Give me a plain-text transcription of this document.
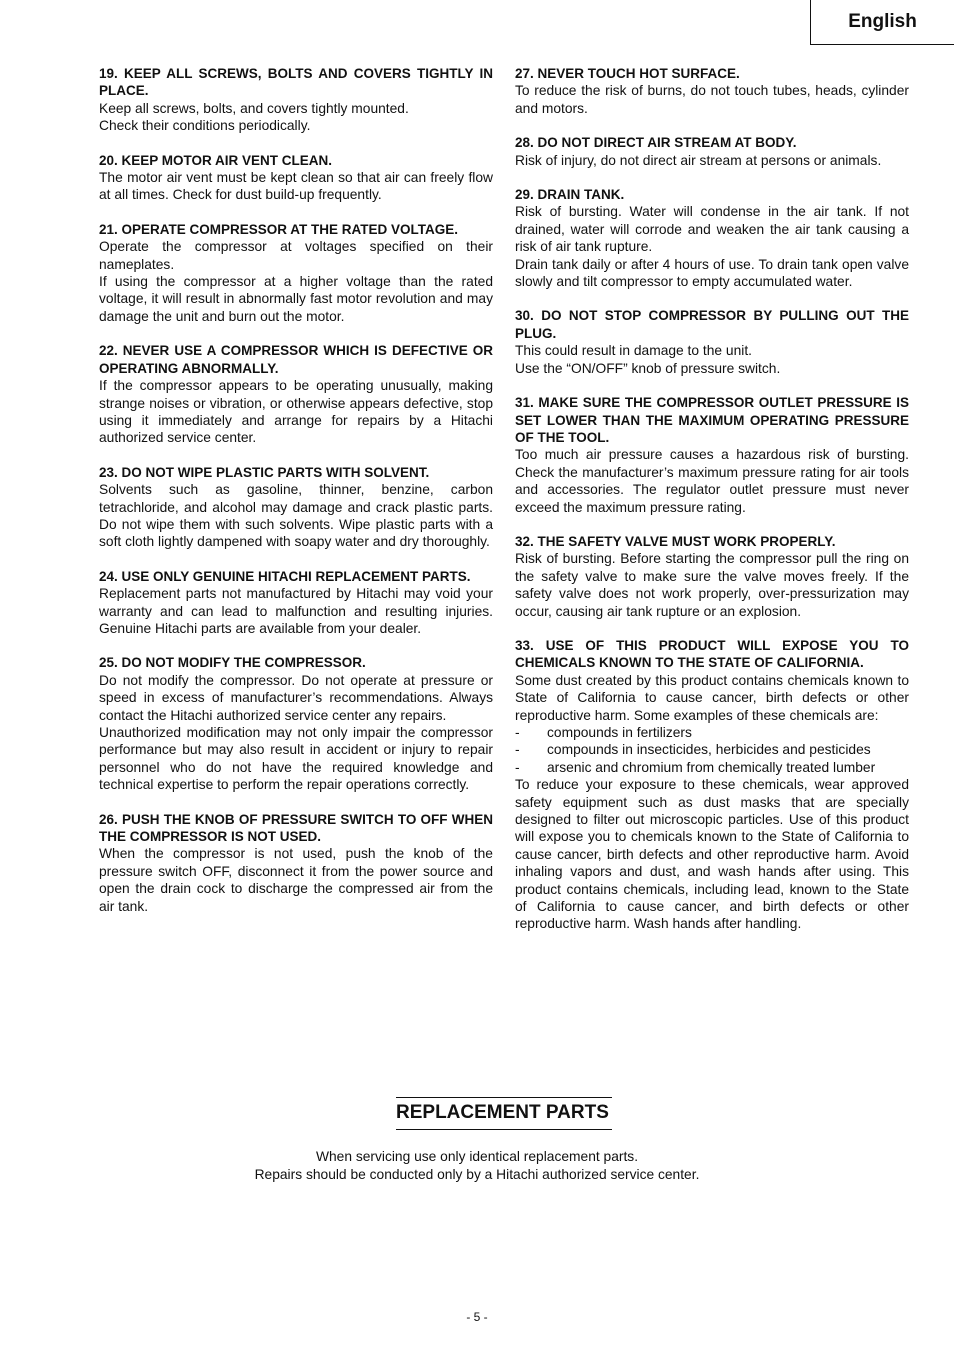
English
19. KEEP ALL SCREWS, BOLTS AND COVERS TIGHTLY IN PLACE.

Keep all screws, bolts, and covers tightly mounted.

Check their conditions periodically.

20. KEEP MOTOR AIR VENT CLEAN.

The motor air vent must be kept clean so that air can freely flow at all times. Check for dust build-up frequently.

21. OPERATE COMPRESSOR AT THE RATED VOLTAGE.

Operate the compressor at voltages specified on their nameplates.

If using the compressor at a higher voltage than the rated voltage, it will result in abnormally fast motor revolution and may damage the unit and burn out the motor.

22. NEVER USE A COMPRESSOR WHICH IS DEFECTIVE OR OPERATING ABNORMALLY.

If the compressor appears to be operating unusually, making strange noises or vibration, or otherwise appears defective, stop using it immediately and arrange for repairs by a Hitachi authorized service center.

23. DO NOT WIPE PLASTIC PARTS WITH SOLVENT.

Solvents such as gasoline, thinner, benzine, carbon tetrachloride, and alcohol may damage and crack plastic parts. Do not wipe them with such solvents. Wipe plastic parts with a soft cloth lightly dampened with soapy water and dry thoroughly.

24. USE ONLY GENUINE HITACHI REPLACEMENT PARTS.

Replacement parts not manufactured by Hitachi may void your warranty and can lead to malfunction and resulting injuries. Genuine Hitachi parts are available from your dealer.

25. DO NOT MODIFY THE COMPRESSOR.

Do not modify the compressor. Do not operate at pressure or speed in excess of manufacturer’s recommendations. Always contact the Hitachi authorized service center any repairs.

Unauthorized modification may not only impair the compressor performance but may also result in accident or injury to repair personnel who do not have the required knowledge and technical expertise to perform the repair operations correctly.

26. PUSH THE KNOB OF PRESSURE SWITCH TO OFF WHEN THE COMPRESSOR IS NOT USED.

When the compressor is not used, push the knob of the pressure switch OFF, disconnect it from the power source and open the drain cock to discharge the compressed air from the air tank.

27. NEVER TOUCH HOT SURFACE.

To reduce the risk of burns, do not touch tubes, heads, cylinder and motors.

28. DO NOT DIRECT AIR STREAM AT BODY.

Risk of injury, do not direct air stream at persons or animals.

29. DRAIN TANK.

Risk of bursting. Water will condense in the air tank. If not drained, water will corrode and weaken the air tank causing a risk of air tank rupture.

Drain tank daily or after 4 hours of use. To drain tank open valve slowly and tilt compressor to empty accumulated water.

30. DO NOT STOP COMPRESSOR BY PULLING OUT THE PLUG.

This could result in damage to the unit.

Use the “ON/OFF” knob of pressure switch.

31. MAKE SURE THE COMPRESSOR OUTLET PRESSURE IS SET LOWER THAN THE MAXIMUM OPERATING PRESSURE OF THE TOOL.

Too much air pressure causes a hazardous risk of bursting. Check the manufacturer’s maximum pressure rating for air tools and accessories. The regulator outlet pressure must never exceed the maximum pressure rating.

32. THE SAFETY VALVE MUST WORK PROPERLY.

Risk of bursting. Before starting the compressor pull the ring on the safety valve to make sure the valve moves freely. If the safety valve does not work properly, over-pressurization may occur, causing air tank rupture or an explosion.

33. USE OF THIS PRODUCT WILL EXPOSE YOU TO CHEMICALS KNOWN TO THE STATE OF CALIFORNIA.

Some dust created by this product contains chemicals known to State of California to cause cancer, birth defects or other reproductive harm. Some examples of these chemicals are:

-	compounds in fertilizers
-	compounds in insecticides, herbicides and pesticides
-	arsenic and chromium from chemically treated lumber

To reduce your exposure to these chemicals, wear approved safety equipment such as dust masks that are specially designed to filter out microscopic particles. Use of this product will expose you to chemicals known to the State of California to cause cancer, birth defects and other reproductive harm. Avoid inhaling vapors and dust, and wash hands after using. This product contains chemicals, including lead, known to the State of California to cause cancer, and birth defects or other reproductive harm. Wash hands after handling.

REPLACEMENT PARTS
When servicing use only identical replacement parts.
Repairs should be conducted only by a Hitachi authorized service center.
- 5 -
